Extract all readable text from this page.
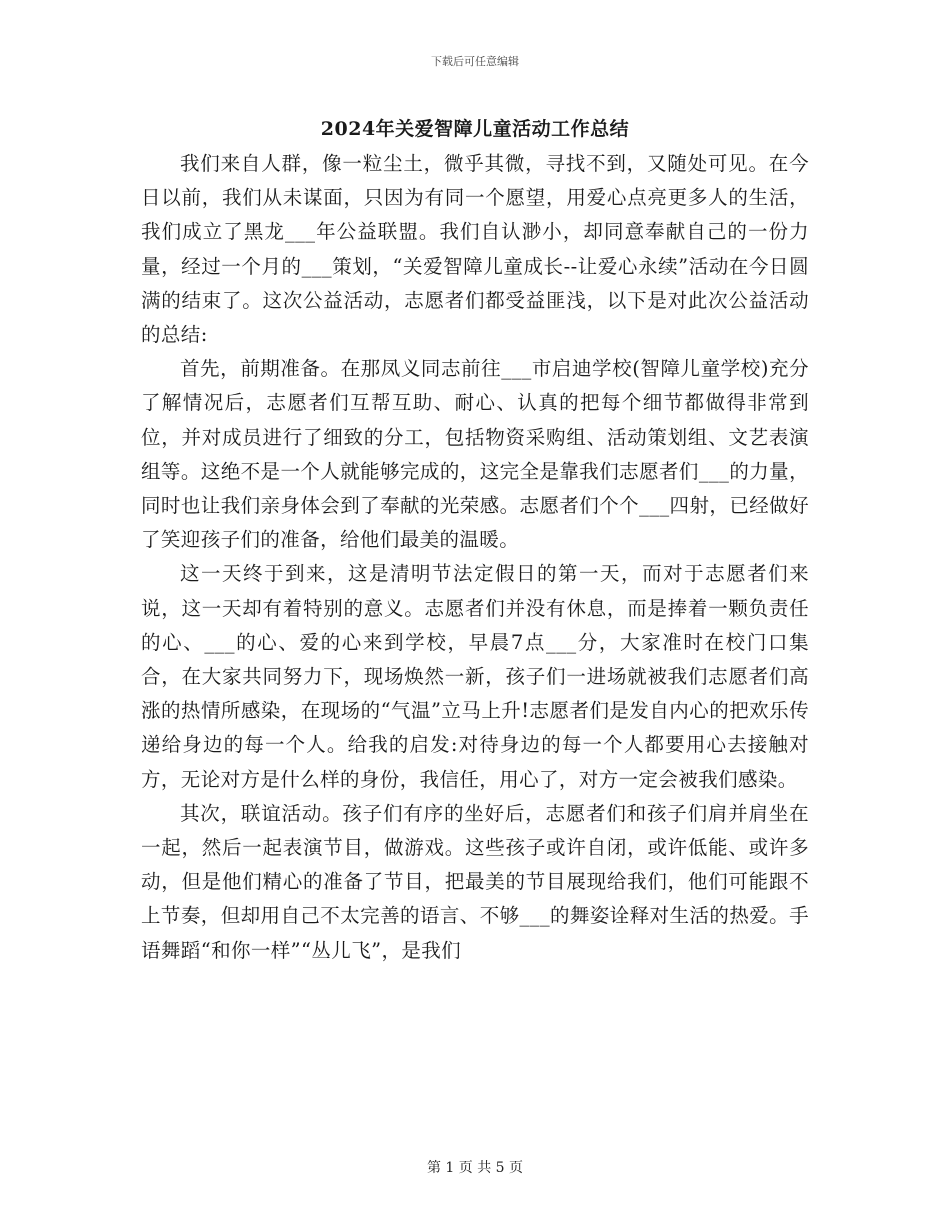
下载后可任意编辑
2024年关爱智障儿童活动工作总结

我们来自人群，像一粒尘土，微乎其微，寻找不到，又随处可见。在今日以前，我们从未谋面，只因为有同一个愿望，用爱心点亮更多人的生活，我们成立了黑龙___年公益联盟。我们自认渺小，却同意奉献自己的一份力量，经过一个月的___策划，“关爱智障儿童成长--让爱心永续”活动在今日圆满的结束了。这次公益活动，志愿者们都受益匪浅，以下是对此次公益活动的总结:

首先，前期准备。在那凤义同志前往___市启迪学校(智障儿童学校)充分了解情况后，志愿者们互帮互助、耐心、认真的把每个细节都做得非常到位，并对成员进行了细致的分工，包括物资采购组、活动策划组、文艺表演组等。这绝不是一个人就能够完成的，这完全是靠我们志愿者们___的力量，同时也让我们亲身体会到了奉献的光荣感。志愿者们个个___四射，已经做好了笑迎孩子们的准备，给他们最美的温暖。

这一天终于到来，这是清明节法定假日的第一天，而对于志愿者们来说，这一天却有着特别的意义。志愿者们并没有休息，而是捧着一颗负责任的心、___的心、爱的心来到学校，早晨7点___分，大家准时在校门口集合，在大家共同努力下，现场焕然一新，孩子们一进场就被我们志愿者们高涨的热情所感染，在现场的“气温”立马上升!志愿者们是发自内心的把欢乐传递给身边的每一个人。给我的启发:对待身边的每一个人都要用心去接触对方，无论对方是什么样的身份，我信任，用心了，对方一定会被我们感染。

其次，联谊活动。孩子们有序的坐好后，志愿者们和孩子们肩并肩坐在一起，然后一起表演节目，做游戏。这些孩子或许自闭，或许低能、或许多动，但是他们精心的准备了节目，把最美的节目展现给我们，他们可能跟不上节奏，但却用自己不太完善的语言、不够___的舞姿诠释对生活的热爱。手语舞蹈“和你一样”“丛儿飞”，是我们

第 1 页 共 5 页
